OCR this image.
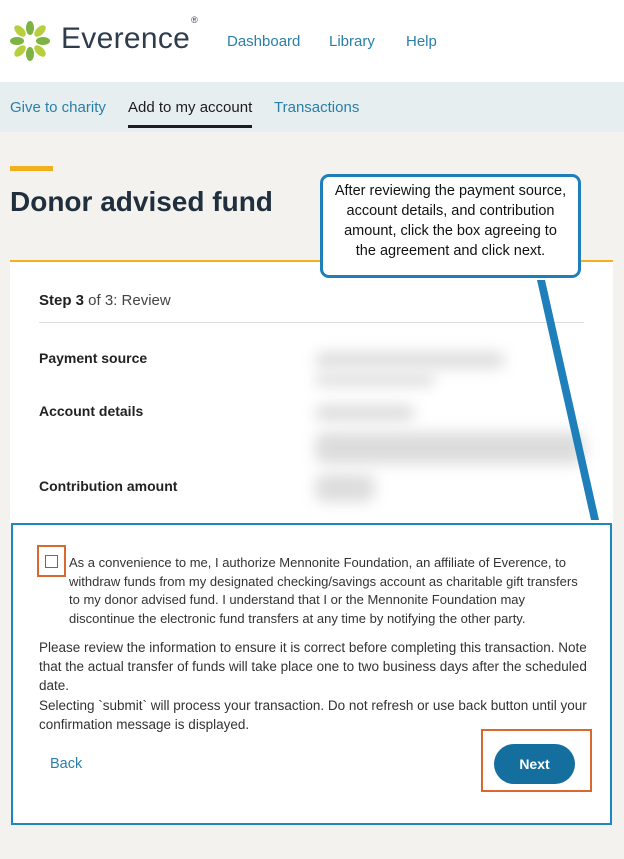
Everence®
Dashboard Library Help
Give to charity Add to my account Transactions
Donor advised fund
Step 3 of 3: Review
Payment source
Account details
Contribution amount
As a convenience to me, I authorize Mennonite Foundation, an affiliate of Everence, to withdraw funds from my designated checking/savings account as charitable gift transfers to my donor advised fund. I understand that I or the Mennonite Foundation may discontinue the electronic fund transfers at any time by notifying the other party.

Please review the information to ensure it is correct before completing this transaction. Note that the actual transfer of funds will take place one to two business days after the scheduled date.

Selecting `submit` will process your transaction. Do not refresh or use back button until your confirmation message is displayed.

Back	Next
After reviewing the payment source, account details, and contribution amount, click the box agreeing to the agreement and click next.
